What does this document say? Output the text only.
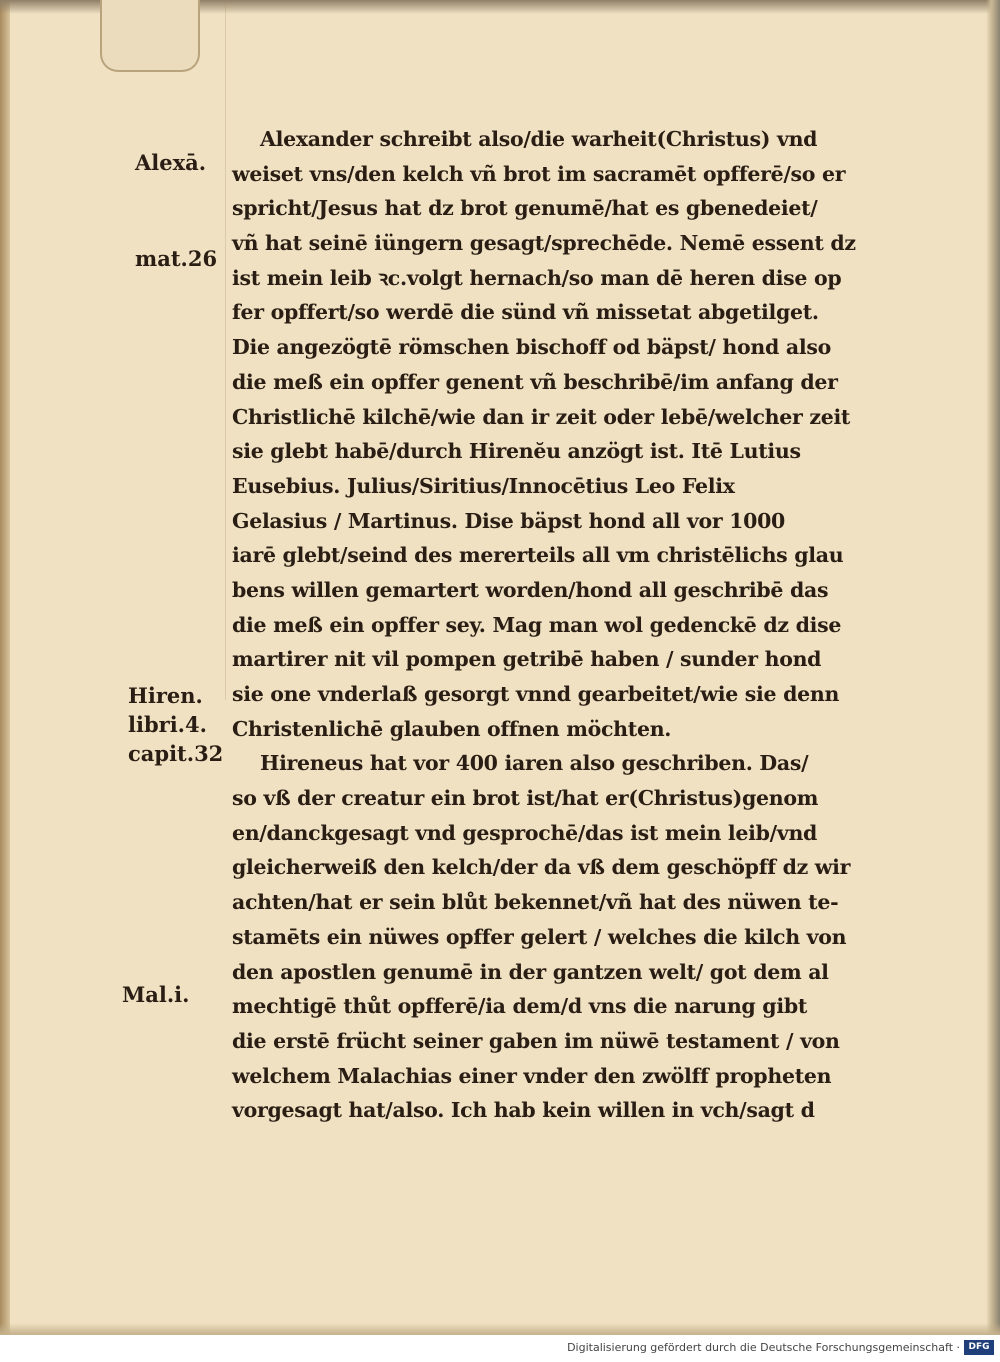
Alexā.
mat.26
Hiren.
libri.4.
capit.32
Mal.i.
Alexander schreibt also/die warheit(Christus) vnd
weiset vns/den kelch vñ brot im sacramēt opfferē/so er
spricht/Jesus hat dz brot genumē/hat es gbenedeiet/
vñ hat seinē iüngern gesagt/sprechēde. Nemē essent dz
ist mein leib ꝛc.volgt hernach/so man dē heren dise op
fer opffert/so werdē die sünd vñ missetat abgetilget.
Die angezögtē römschen bischoff od bäpst/ hond also
die meß ein opffer genent vñ beschribē/im anfang der
Christlichē kilchē/wie dan ir zeit oder lebē/welcher zeit
sie glebt habē/durch Hirenĕu anzögt ist. Itē Lutius
Eusebius. Julius/Siritius/Innocētius Leo Felix
Gelasius / Martinus. Dise bäpst hond all vor 1000
iarē glebt/seind des mererteils all vm christēlichs glau
bens willen gemartert worden/hond all geschribē das
die meß ein opffer sey. Mag man wol gedenckē dz dise
martirer nit vil pompen getribē haben / sunder hond
sie one vnderlaß gesorgt vnnd gearbeitet/wie sie denn
Christenlichē glauben offnen möchten.
Hireneus hat vor 400 iaren also geschriben. Das/
so vß der creatur ein brot ist/hat er(Christus)genom
en/danckgesagt vnd gesprochē/das ist mein leib/vnd
gleicherweiß den kelch/der da vß dem geschöpff dz wir
achten/hat er sein blůt bekennet/vñ hat des nüwen te-
stamēts ein nüwes opffer gelert / welches die kilch von
den apostlen genumē in der gantzen welt/ got dem al
mechtigē thůt opfferē/ia dem/d vns die narung gibt
die erstē frücht seiner gaben im nüwē testament / von
welchem Malachias einer vnder den zwölff propheten
vorgesagt hat/also. Ich hab kein willen in vch/sagt d
Digitalisierung gefördert durch die Deutsche Forschungsgemeinschaft · DFG
